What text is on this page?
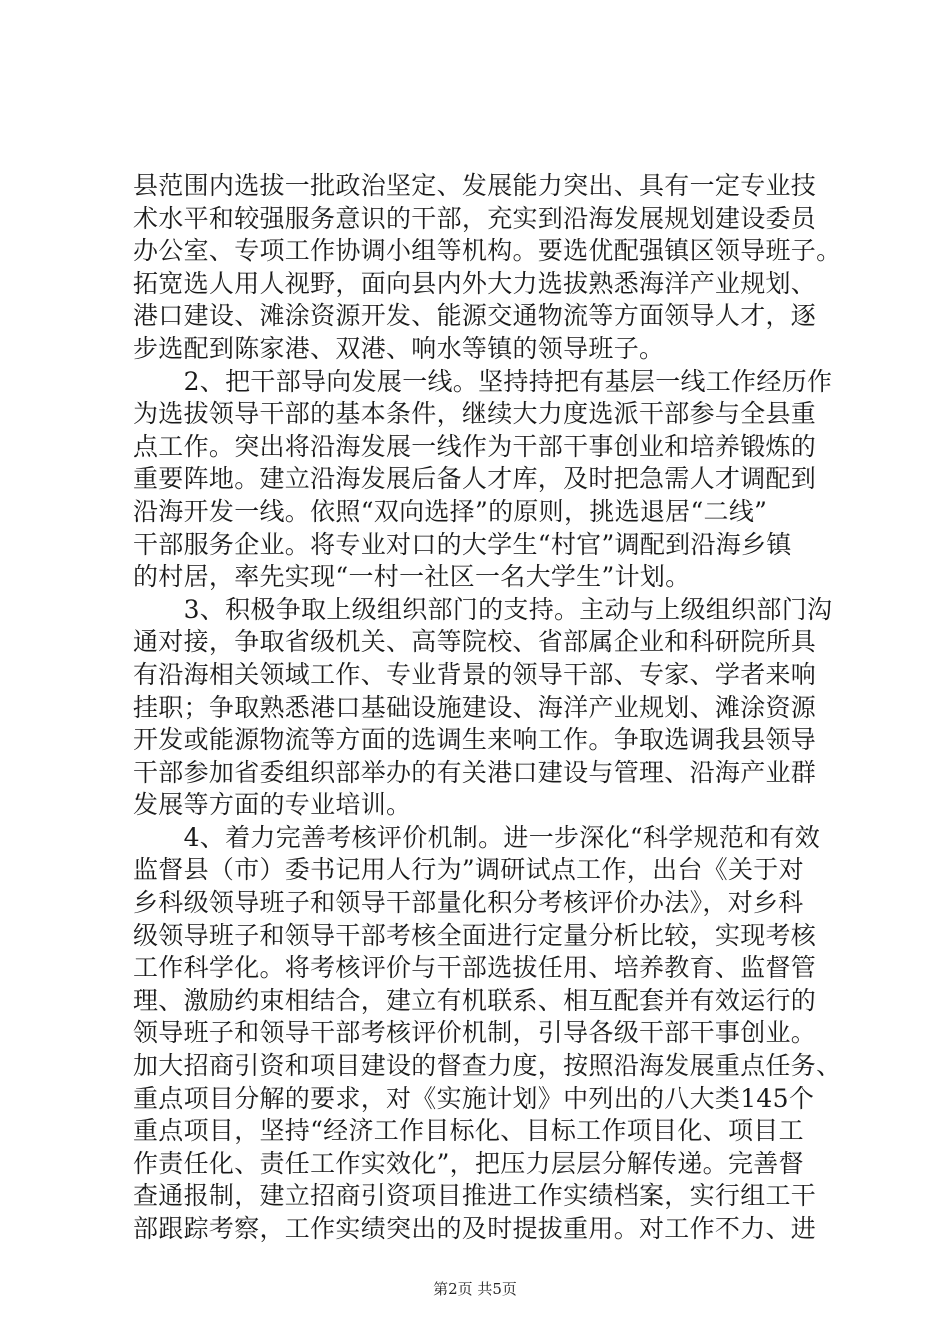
县范围内选拔一批政治坚定、发展能力突出、具有一定专业技
术水平和较强服务意识的干部，充实到沿海发展规划建设委员
办公室、专项工作协调小组等机构。要选优配强镇区领导班子。
拓宽选人用人视野，面向县内外大力选拔熟悉海洋产业规划、
港口建设、滩涂资源开发、能源交通物流等方面领导人才，逐
步选配到陈家港、双港、响水等镇的领导班子。
　　2、把干部导向发展一线。坚持持把有基层一线工作经历作
为选拔领导干部的基本条件，继续大力度选派干部参与全县重
点工作。突出将沿海发展一线作为干部干事创业和培养锻炼的
重要阵地。建立沿海发展后备人才库，及时把急需人才调配到
沿海开发一线。依照“双向选择”的原则，挑选退居“二线”
干部服务企业。将专业对口的大学生“村官”调配到沿海乡镇
的村居，率先实现“一村一社区一名大学生”计划。
　　3、积极争取上级组织部门的支持。主动与上级组织部门沟
通对接，争取省级机关、高等院校、省部属企业和科研院所具
有沿海相关领域工作、专业背景的领导干部、专家、学者来响
挂职；争取熟悉港口基础设施建设、海洋产业规划、滩涂资源
开发或能源物流等方面的选调生来响工作。争取选调我县领导
干部参加省委组织部举办的有关港口建设与管理、沿海产业群
发展等方面的专业培训。
　　4、着力完善考核评价机制。进一步深化“科学规范和有效
监督县（市）委书记用人行为”调研试点工作，出台《关于对
乡科级领导班子和领导干部量化积分考核评价办法》，对乡科
级领导班子和领导干部考核全面进行定量分析比较，实现考核
工作科学化。将考核评价与干部选拔任用、培养教育、监督管
理、激励约束相结合，建立有机联系、相互配套并有效运行的
领导班子和领导干部考核评价机制，引导各级干部干事创业。
加大招商引资和项目建设的督查力度，按照沿海发展重点任务、
重点项目分解的要求，对《实施计划》中列出的八大类145个
重点项目，坚持“经济工作目标化、目标工作项目化、项目工
作责任化、责任工作实效化”，把压力层层分解传递。完善督
查通报制，建立招商引资项目推进工作实绩档案，实行组工干
部跟踪考察，工作实绩突出的及时提拔重用。对工作不力、进
第2页 共5页
